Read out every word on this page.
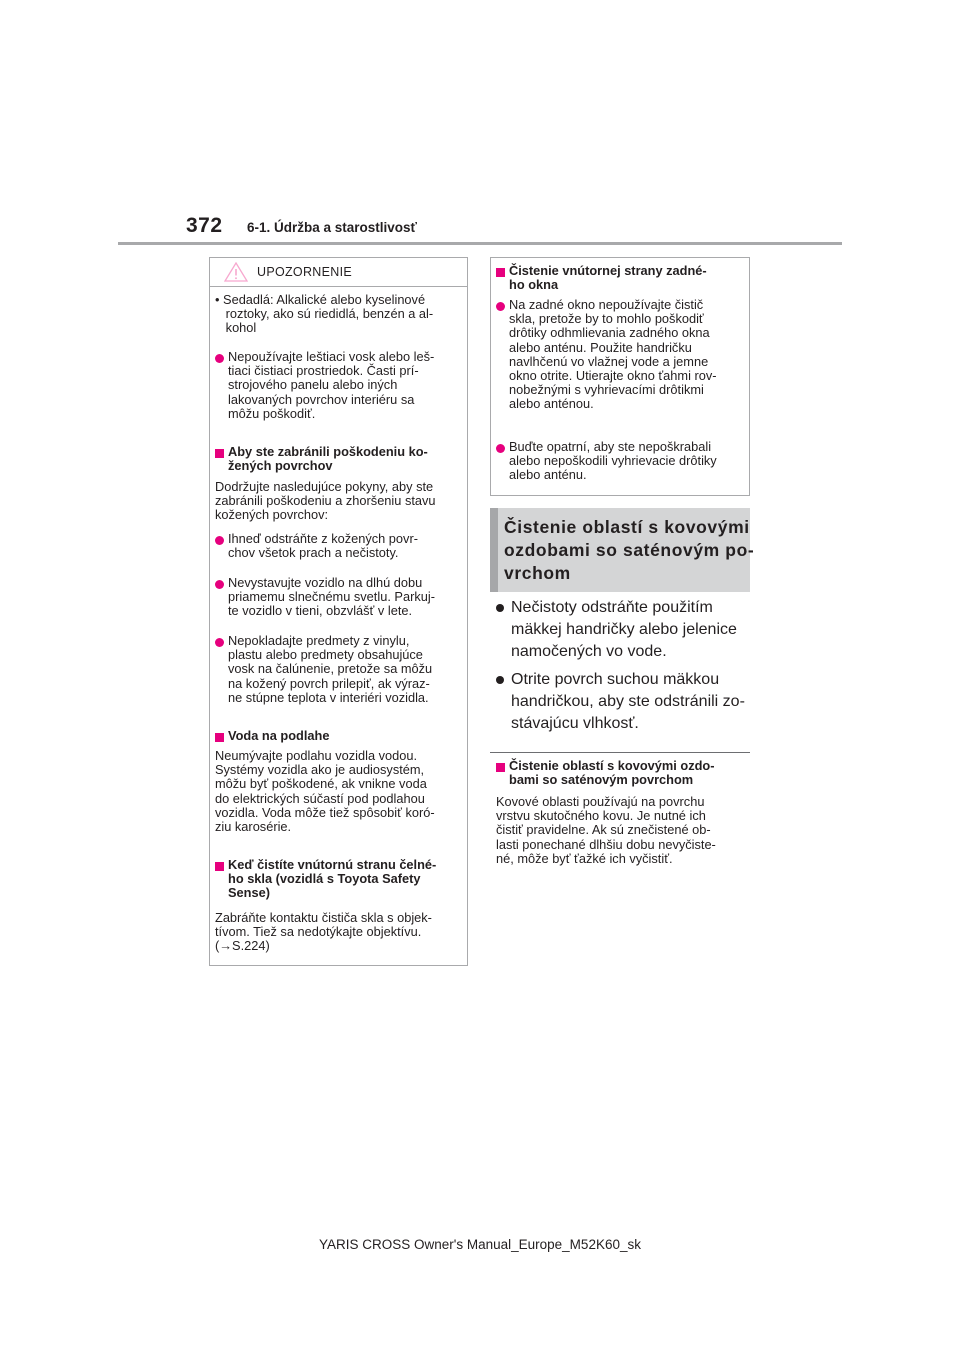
372 6-1. Údržba a starostlivosť
UPOZORNENIE
• Sedadlá: Alkalické alebo kyselinové
roztoky, ako sú riedidlá, benzén a al-
kohol
Nepoužívajte leštiaci vosk alebo leš-
tiaci čistiaci prostriedok. Časti prí-
strojového panelu alebo iných
lakovaných povrchov interiéru sa
môžu poškodiť.
Aby ste zabránili poškodeniu ko-
žených povrchov
Dodržujte nasledujúce pokyny, aby ste
zabránili poškodeniu a zhoršeniu stavu
kožených povrchov:
Ihneď odstráňte z kožených povr-
chov všetok prach a nečistoty.
Nevystavujte vozidlo na dlhú dobu
priamemu slnečnému svetlu. Parkuj-
te vozidlo v tieni, obzvlášť v lete.
Nepokladajte predmety z vinylu,
plastu alebo predmety obsahujúce
vosk na čalúnenie, pretože sa môžu
na kožený povrch prilepiť, ak výraz-
ne stúpne teplota v interiéri vozidla.
Voda na podlahe
Neumývajte podlahu vozidla vodou.
Systémy vozidla ako je audiosystém,
môžu byť poškodené, ak vnikne voda
do elektrických súčastí pod podlahou
vozidla. Voda môže tiež spôsobiť koró-
ziu karosérie.
Keď čistíte vnútornú stranu čelné-
ho skla (vozidlá s Toyota Safety
Sense)
Zabráňte kontaktu čističa skla s objek-
tívom. Tiež sa nedotýkajte objektívu.
(→S.224)
Čistenie vnútornej strany zadné-
ho okna
Na zadné okno nepoužívajte čistič
skla, pretože by to mohlo poškodiť
drôtiky odhmlievania zadného okna
alebo anténu. Použite handričku
navlhčenú vo vlažnej vode a jemne
okno otrite. Utierajte okno ťahmi rov-
nobežnými s vyhrievacími drôtikmi
alebo anténou.
Buďte opatrní, aby ste nepoškrabali
alebo nepoškodili vyhrievacie drôtiky
alebo anténu.
Čistenie oblastí s kovovými
ozdobami so saténovým po-
vrchom
Nečistoty odstráňte použitím
mäkkej handričky alebo jelenice
namočených vo vode.
Otrite povrch suchou mäkkou
handričkou, aby ste odstránili zo-
stávajúcu vlhkosť.
Čistenie oblastí s kovovými ozdo-
bami so saténovým povrchom
Kovové oblasti používajú na povrchu
vrstvu skutočného kovu. Je nutné ich
čistiť pravidelne. Ak sú znečistené ob-
lasti ponechané dlhšiu dobu nevyčiste-
né, môže byť ťažké ich vyčistiť.
YARIS CROSS Owner's Manual_Europe_M52K60_sk
